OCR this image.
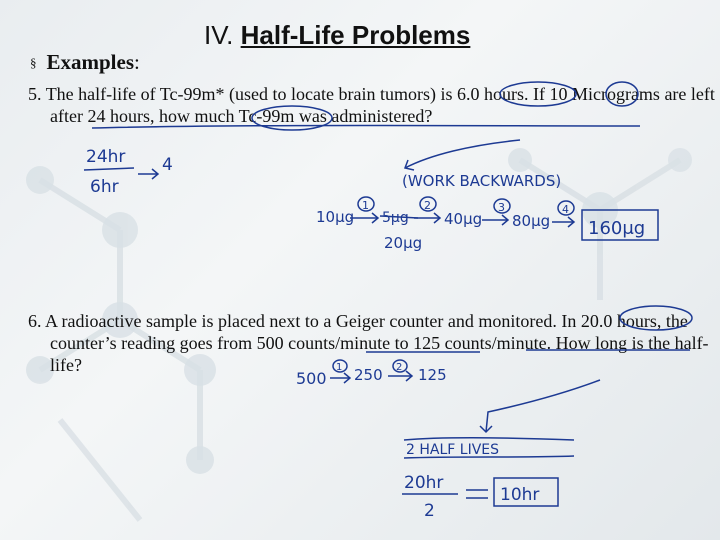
IV. Half-Life Problems
§ Examples:
5. The half-life of Tc-99m* (used to locate brain tumors) is 6.0 hours. If 10 Micrograms are left after 24 hours, how much Tc-99m was administered?
6. A radioactive sample is placed next to a Geiger counter and monitored. In 20.0 hours, the counter’s reading goes from 500 counts/minute to 125 counts/minute. How long is the half-life?
24hr
6hr
4
(WORK BACKWARDS)
10μg
1
5μg
20μg
2
40μg
3
80μg
4
160μg
500
1 250 2 125
2 HALF LIVES
20hr
2
10hr
